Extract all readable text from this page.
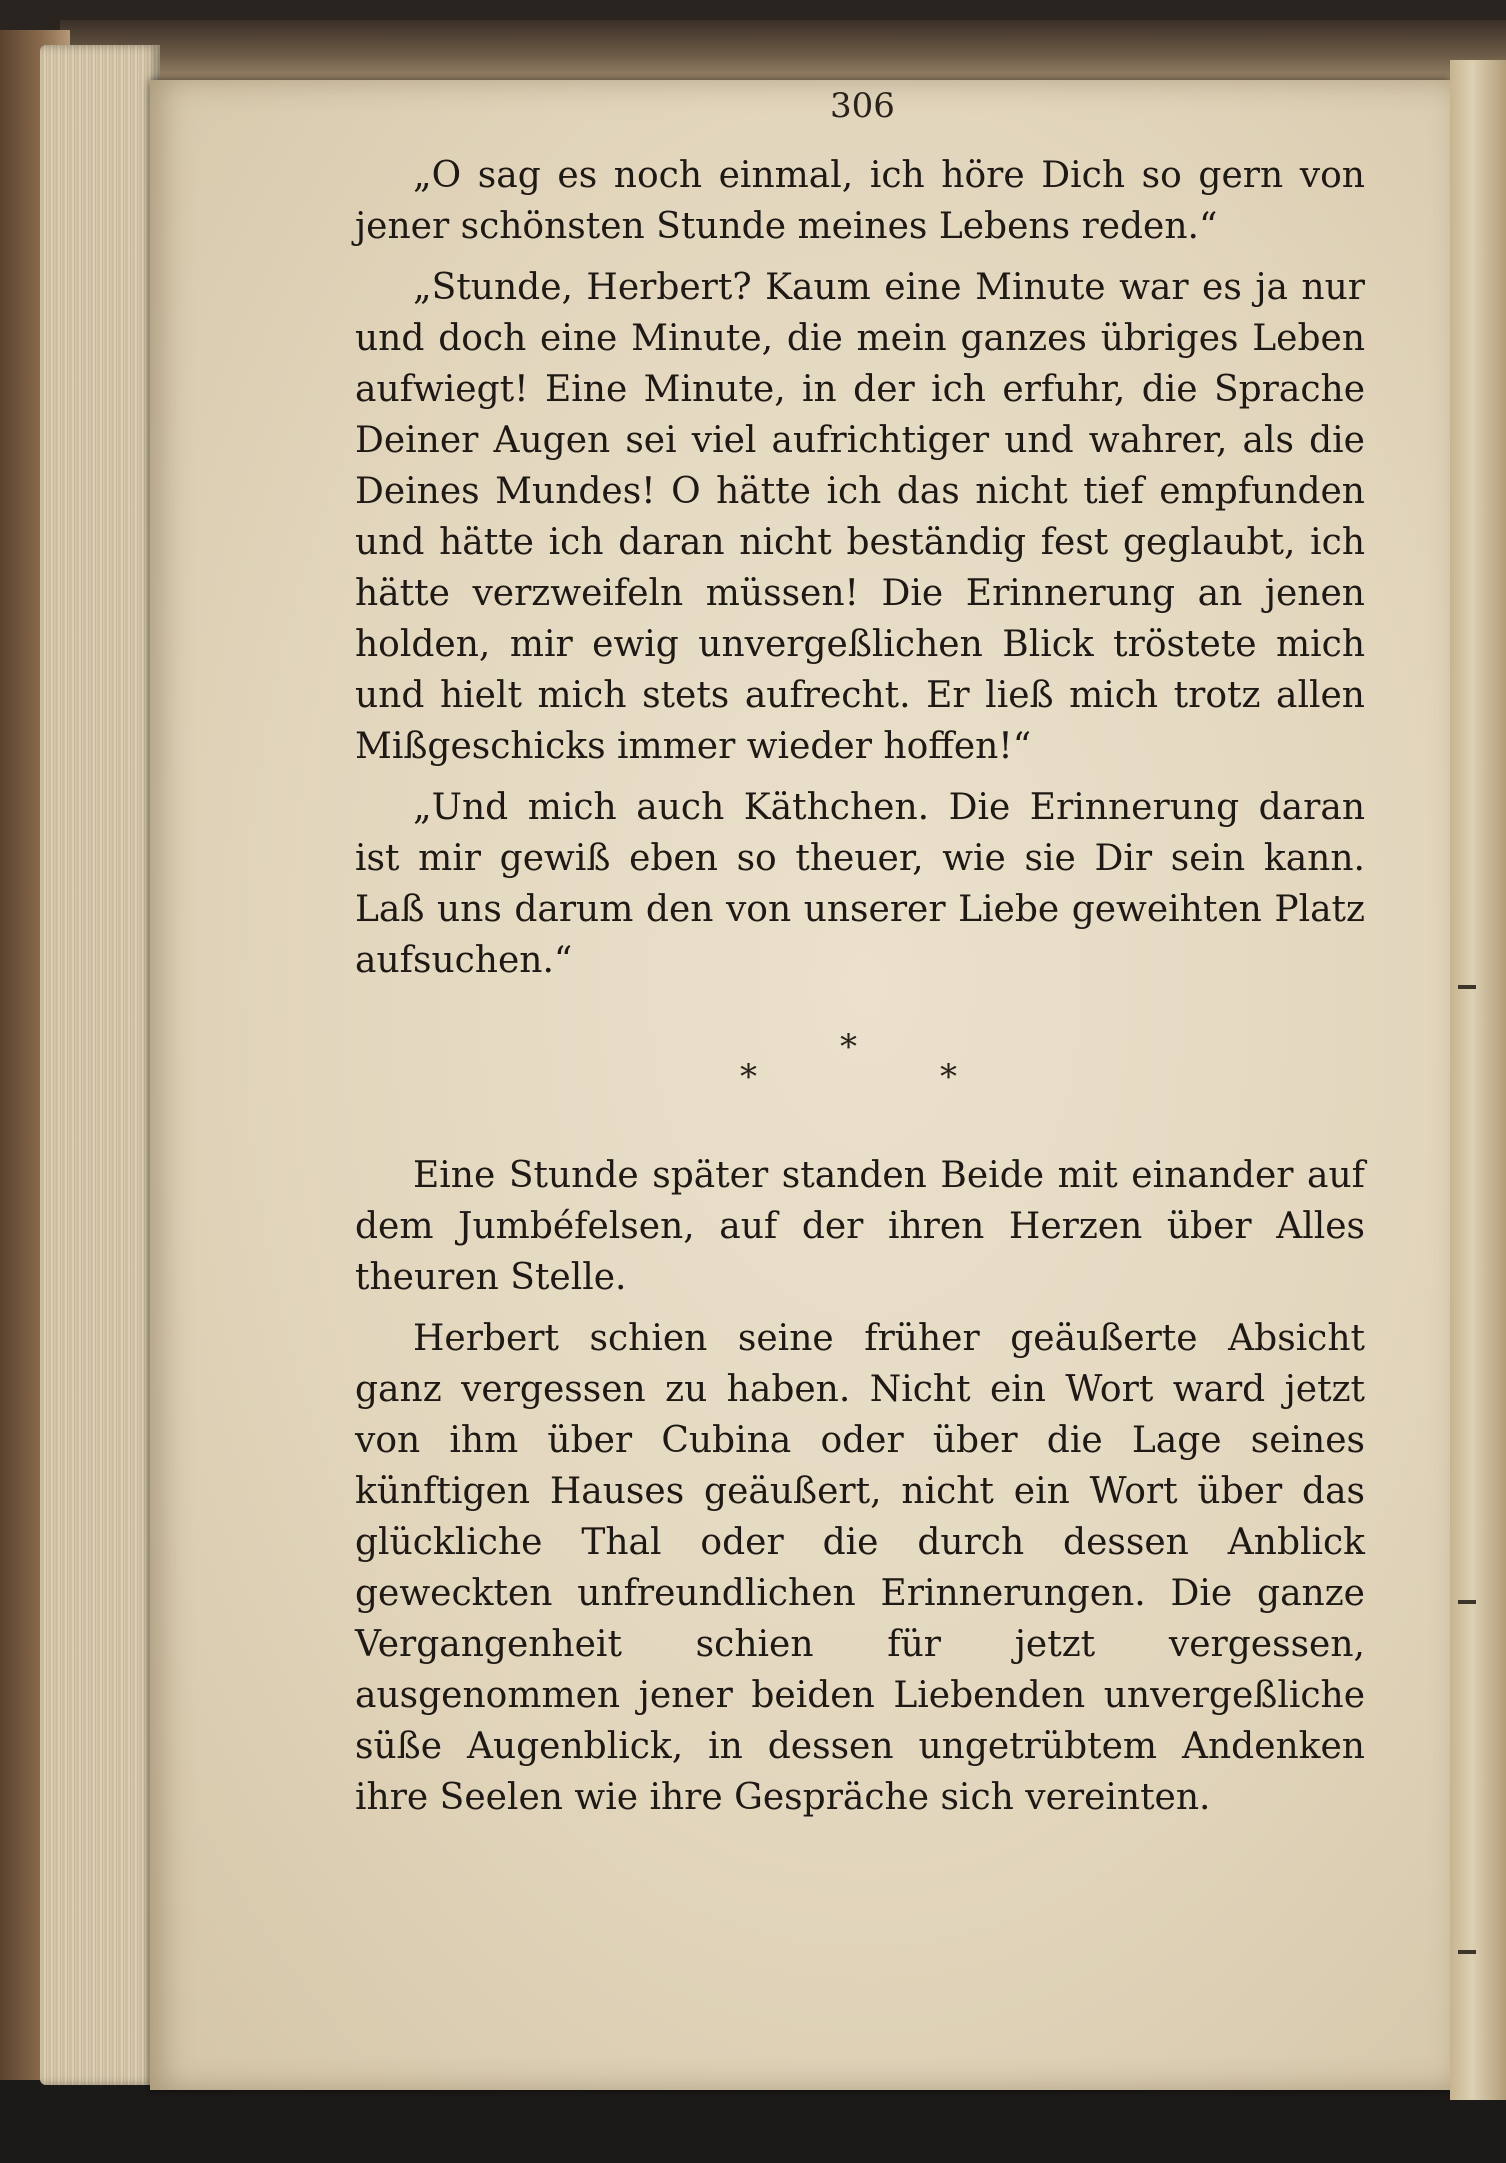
306

„O sag es noch einmal, ich höre Dich so gern von jener schönsten Stunde meines Lebens reden.“

„Stunde, Herbert? Kaum eine Minute war es ja nur und doch eine Minute, die mein ganzes übriges Leben aufwiegt! Eine Minute, in der ich erfuhr, die Sprache Deiner Augen sei viel aufrichtiger und wahrer, als die Deines Mundes! O hätte ich das nicht tief empfunden und hätte ich daran nicht beständig fest geglaubt, ich hätte verzweifeln müssen! Die Erinnerung an jenen holden, mir ewig unvergeßlichen Blick tröstete mich und hielt mich stets aufrecht. Er ließ mich trotz allen Mißgeschicks immer wieder hoffen!“

„Und mich auch Käthchen. Die Erinnerung daran ist mir gewiß eben so theuer, wie sie Dir sein kann. Laß uns darum den von unserer Liebe geweihten Platz aufsuchen.“

*
*	*

Eine Stunde später standen Beide mit einander auf dem Jumbéfelsen, auf der ihren Herzen über Alles theuren Stelle.

Herbert schien seine früher geäußerte Absicht ganz vergessen zu haben. Nicht ein Wort ward jetzt von ihm über Cubina oder über die Lage seines künftigen Hauses geäußert, nicht ein Wort über das glückliche Thal oder die durch dessen Anblick geweckten unfreundlichen Erinnerungen. Die ganze Vergangenheit schien für jetzt vergessen, ausgenommen jener beiden Liebenden unvergeßliche süße Augenblick, in dessen ungetrübtem Andenken ihre Seelen wie ihre Gespräche sich vereinten.
